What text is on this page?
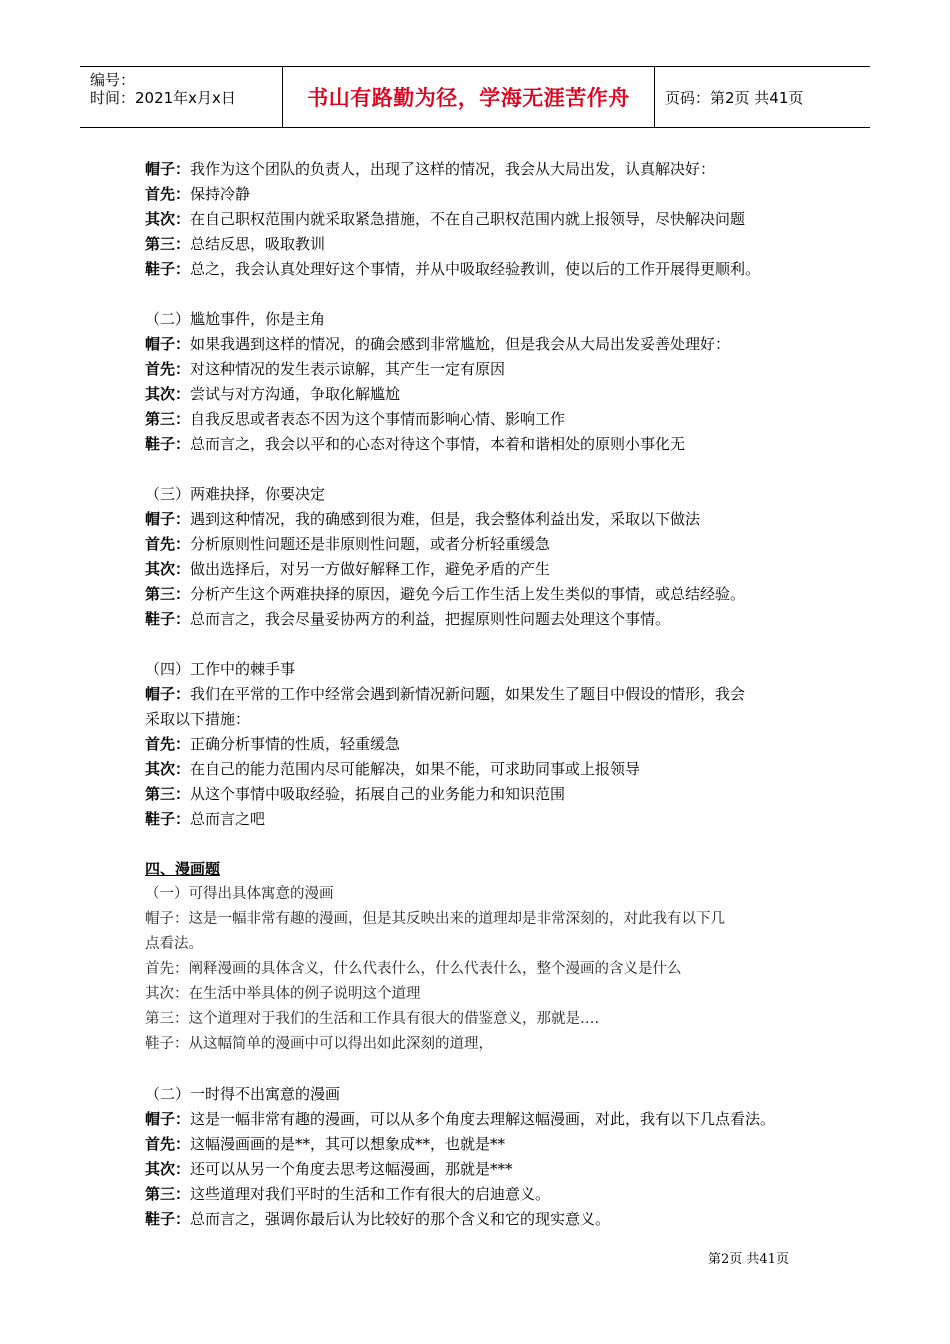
编号：
时间：2021年x月x日	书山有路勤为径，学海无涯苦作舟	页码：第2页 共41页
帽子：我作为这个团队的负责人，出现了这样的情况，我会从大局出发，认真解决好：
首先：保持冷静
其次：在自己职权范围内就采取紧急措施，不在自己职权范围内就上报领导，尽快解决问题
第三：总结反思，吸取教训
鞋子：总之，我会认真处理好这个事情，并从中吸取经验教训，使以后的工作开展得更顺利。
（二）尴尬事件，你是主角
帽子：如果我遇到这样的情况，的确会感到非常尴尬，但是我会从大局出发妥善处理好：
首先：对这种情况的发生表示谅解，其产生一定有原因
其次：尝试与对方沟通，争取化解尴尬
第三：自我反思或者表态不因为这个事情而影响心情、影响工作
鞋子：总而言之，我会以平和的心态对待这个事情，本着和谐相处的原则小事化无
（三）两难抉择，你要决定
帽子：遇到这种情况，我的确感到很为难，但是，我会整体利益出发，采取以下做法
首先：分析原则性问题还是非原则性问题，或者分析轻重缓急
其次：做出选择后，对另一方做好解释工作，避免矛盾的产生
第三：分析产生这个两难抉择的原因，避免今后工作生活上发生类似的事情，或总结经验。
鞋子：总而言之，我会尽量妥协两方的利益，把握原则性问题去处理这个事情。
（四）工作中的棘手事
帽子：我们在平常的工作中经常会遇到新情况新问题，如果发生了题目中假设的情形，我会
采取以下措施：
首先：正确分析事情的性质，轻重缓急
其次：在自己的能力范围内尽可能解决，如果不能，可求助同事或上报领导
第三：从这个事情中吸取经验，拓展自己的业务能力和知识范围
鞋子：总而言之吧
四、漫画题
（一）可得出具体寓意的漫画
帽子：这是一幅非常有趣的漫画，但是其反映出来的道理却是非常深刻的，对此我有以下几
点看法。
首先：阐释漫画的具体含义，什么代表什么，什么代表什么，整个漫画的含义是什么
其次：在生活中举具体的例子说明这个道理
第三：这个道理对于我们的生活和工作具有很大的借鉴意义，那就是….
鞋子：从这幅简单的漫画中可以得出如此深刻的道理，
（二）一时得不出寓意的漫画
帽子：这是一幅非常有趣的漫画，可以从多个角度去理解这幅漫画，对此，我有以下几点看法。
首先：这幅漫画画的是**，其可以想象成**，也就是**
其次：还可以从另一个角度去思考这幅漫画，那就是***
第三：这些道理对我们平时的生活和工作有很大的启迪意义。
鞋子：总而言之，强调你最后认为比较好的那个含义和它的现实意义。
第2页 共41页
